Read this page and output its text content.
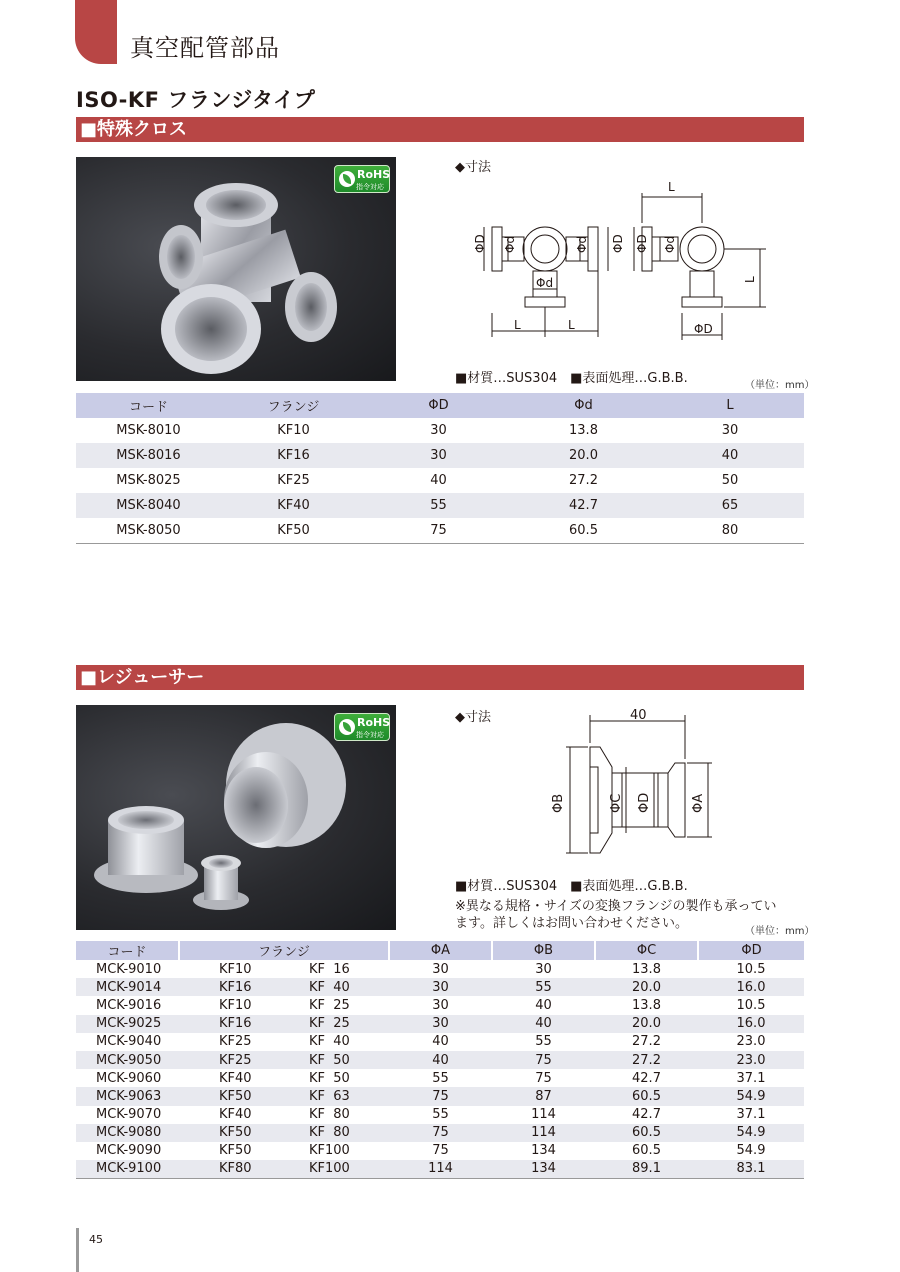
真空配管部品
ISO-KF フランジタイプ
■特殊クロス
RoHS
指令対応
◆寸法
ΦD Φd	Φd ΦD
Φd
L	L
L
ΦD Φd
L
ΦD
■材質…SUS304　■表面処理…G.B.B.	（単位：mm）
コード	フランジ	ΦD	Φd	L
MSK-8010	KF10	30	13.8	30
MSK-8016	KF16	30	20.0	40
MSK-8025	KF25	40	27.2	50
MSK-8040	KF40	55	42.7	65
MSK-8050	KF50	75	60.5	80
■レジューサー
RoHS
指令対応
◆寸法	40
ΦB	ΦC ΦD	ΦA
■材質…SUS304　■表面処理…G.B.B.
※異なる規格・サイズの変換フランジの製作も承ってい　ます。詳しくはお問い合わせください。
（単位：mm）
コード	フランジ		ΦA	ΦB	ΦC	ΦD
MCK-9010	KF10	KF  16	30	30	13.8	10.5
MCK-9014	KF16	KF  40	30	55	20.0	16.0
MCK-9016	KF10	KF  25	30	40	13.8	10.5
MCK-9025	KF16	KF  25	30	40	20.0	16.0
MCK-9040	KF25	KF  40	40	55	27.2	23.0
MCK-9050	KF25	KF  50	40	75	27.2	23.0
MCK-9060	KF40	KF  50	55	75	42.7	37.1
MCK-9063	KF50	KF  63	75	87	60.5	54.9
MCK-9070	KF40	KF  80	55	114	42.7	37.1
MCK-9080	KF50	KF  80	75	114	60.5	54.9
MCK-9090	KF50	KF100	75	134	60.5	54.9
MCK-9100	KF80	KF100	114	134	89.1	83.1
45
